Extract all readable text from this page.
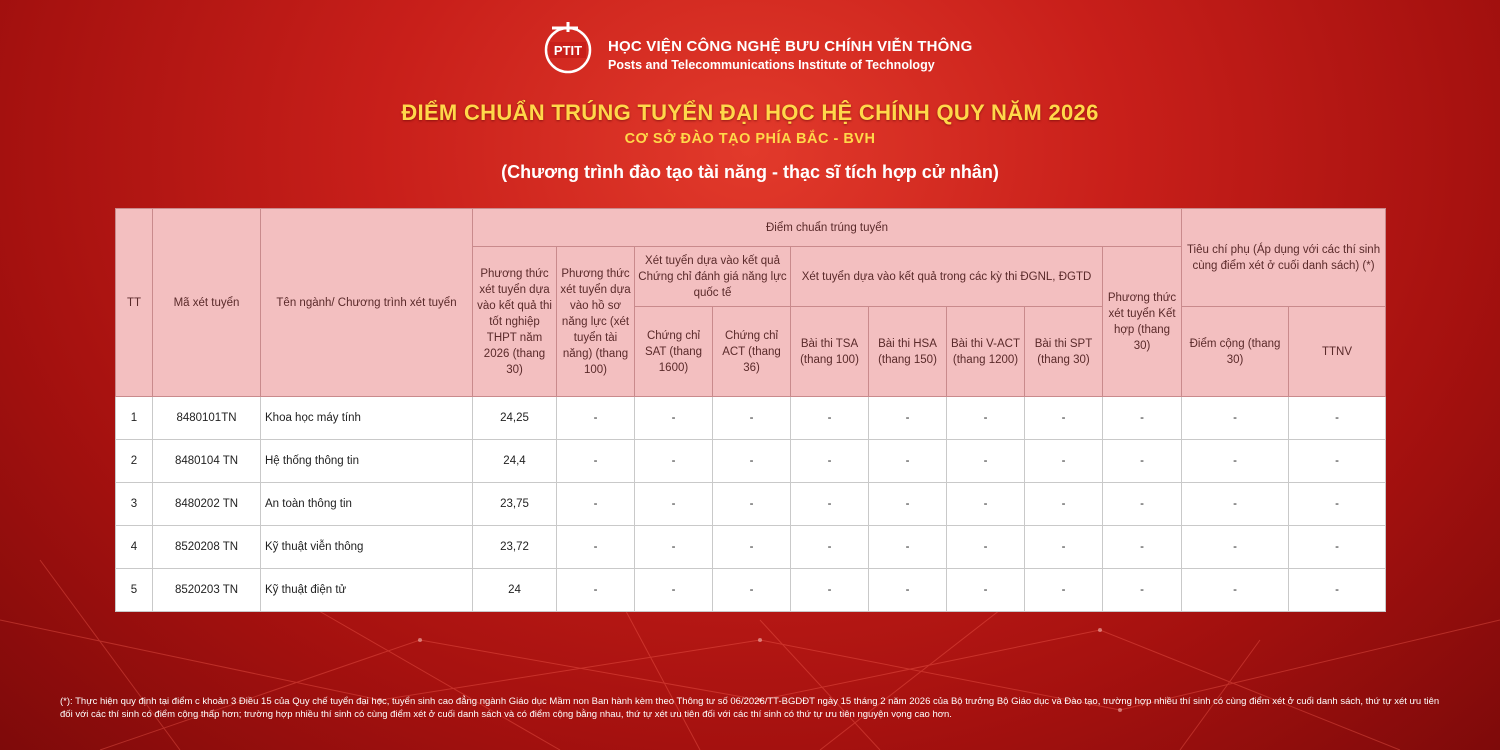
PTIT HỌC VIỆN CÔNG NGHỆ BƯU CHÍNH VIỄN THÔNG
Posts and Telecommunications Institute of Technology
ĐIỂM CHUẨN TRÚNG TUYỂN ĐẠI HỌC HỆ CHÍNH QUY NĂM 2026
CƠ SỞ ĐÀO TẠO PHÍA BẮC - BVH
(Chương trình đào tạo tài năng - thạc sĩ tích hợp cử nhân)
TT	Mã xét tuyển	Tên ngành/ Chương trình xét tuyển	Điểm chuẩn trúng tuyển									Tiêu chí phụ (Áp dụng với các thí sinh cùng điểm xét ở cuối danh sách) (*)	
			Phương thức xét tuyển dựa vào kết quả thi tốt nghiệp THPT năm 2026 (thang 30)	Phương thức xét tuyển dựa vào hồ sơ năng lực (xét tuyển tài năng) (thang 100)	Xét tuyển dựa vào kết quả Chứng chỉ đánh giá năng lực quốc tế		Xét tuyển dựa vào kết quả trong các kỳ thi ĐGNL, ĐGTD				Phương thức xét tuyển Kết hợp (thang 30)		
					Chứng chỉ SAT (thang 1600)	Chứng chỉ ACT (thang 36)	Bài thi TSA (thang 100)	Bài thi HSA (thang 150)	Bài thi V-ACT (thang 1200)	Bài thi SPT (thang 30)		Điểm cộng (thang 30)	TTNV
1	8480101TN	Khoa học máy tính	24,25	-	-	-	-	-	-	-	-	-	-
2	8480104 TN	Hệ thống thông tin	24,4	-	-	-	-	-	-	-	-	-	-
3	8480202 TN	An toàn thông tin	23,75	-	-	-	-	-	-	-	-	-	-
4	8520208 TN	Kỹ thuật viễn thông	23,72	-	-	-	-	-	-	-	-	-	-
5	8520203 TN	Kỹ thuật điện tử	24	-	-	-	-	-	-	-	-	-	-
(*): Thực hiện quy định tại điểm c khoản 3 Điều 15 của Quy chế tuyển đại học, tuyển sinh cao đẳng ngành Giáo dục Mầm non Ban hành kèm theo Thông tư số 06/2026/TT-BGDĐT ngày 15 tháng 2 năm 2026 của Bộ trưởng Bộ Giáo dục và Đào tạo, trường hợp nhiều thí sinh có cùng điểm xét ở cuối danh sách, thứ tự xét ưu tiên đối với các thí sinh có điểm cộng thấp hơn; trường hợp nhiều thí sinh có cùng điểm xét ở cuối danh sách và có điểm cộng bằng nhau, thứ tự xét ưu tiên đối với các thí sinh có thứ tự ưu tiên nguyện vọng cao hơn.
